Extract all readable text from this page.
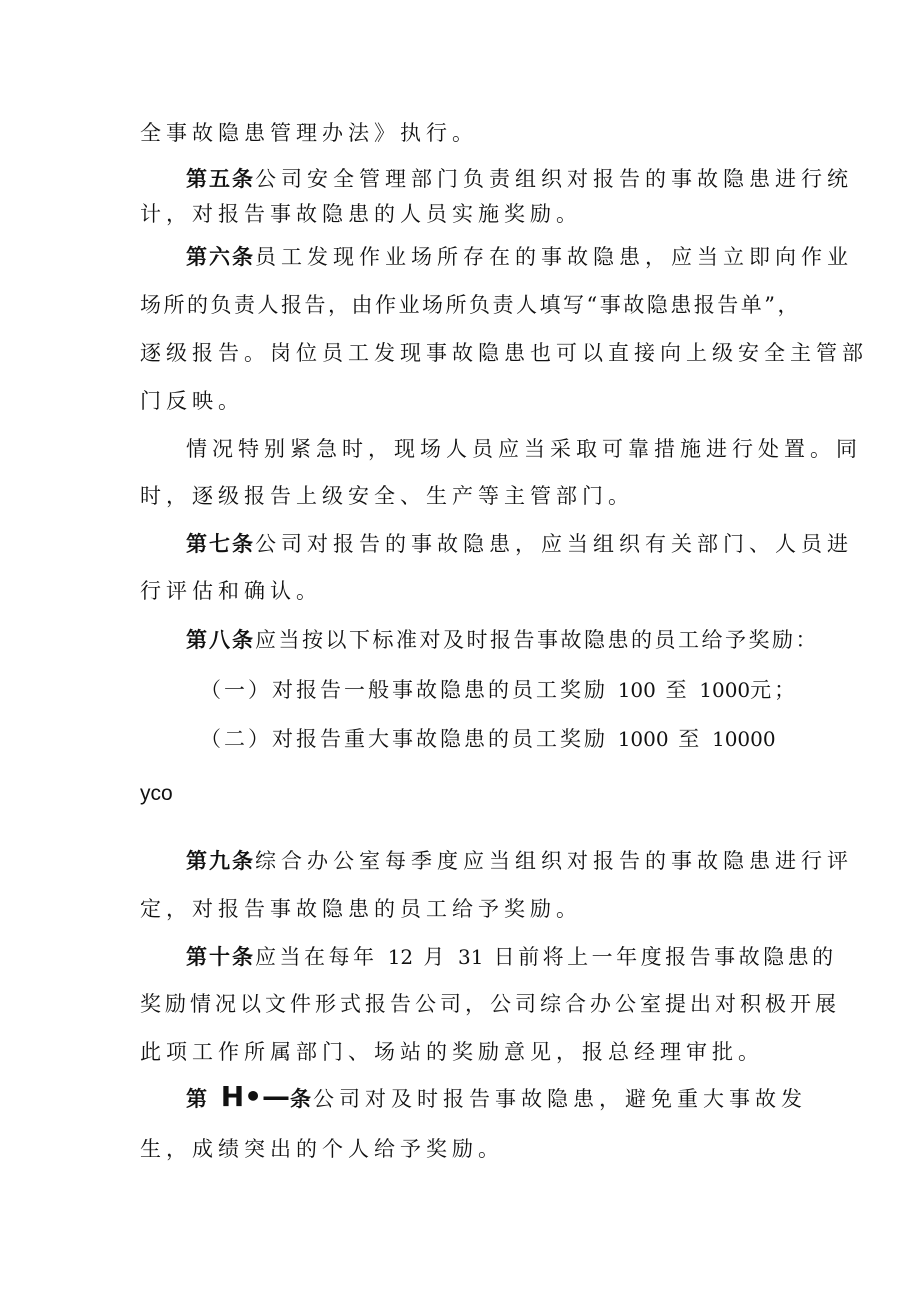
全事故隐患管理办法》执行。
第五条公司安全管理部门负责组织对报告的事故隐患进行统
计，对报告事故隐患的人员实施奖励。
第六条员工发现作业场所存在的事故隐患，应当立即向作业
场所的负责人报告，由作业场所负责人填写“事故隐患报告单”，
逐级报告。岗位员工发现事故隐患也可以直接向上级安全主管部
门反映。
情况特别紧急时，现场人员应当采取可靠措施进行处置。同
时，逐级报告上级安全、生产等主管部门。
第七条公司对报告的事故隐患，应当组织有关部门、人员进
行评估和确认。
第八条应当按以下标准对及时报告事故隐患的员工给予奖励：
（一）对报告一般事故隐患的员工奖励 100 至 1000元；
（二）对报告重大事故隐患的员工奖励 1000 至 10000
yco
第九条综合办公室每季度应当组织对报告的事故隐患进行评
定，对报告事故隐患的员工给予奖励。
第十条应当在每年 12 月 31 日前将上一年度报告事故隐患的
奖励情况以文件形式报告公司，公司综合办公室提出对积极开展
此项工作所属部门、场站的奖励意见，报总经理审批。
第 H•—条公司对及时报告事故隐患，避免重大事故发
生，成绩突出的个人给予奖励。
